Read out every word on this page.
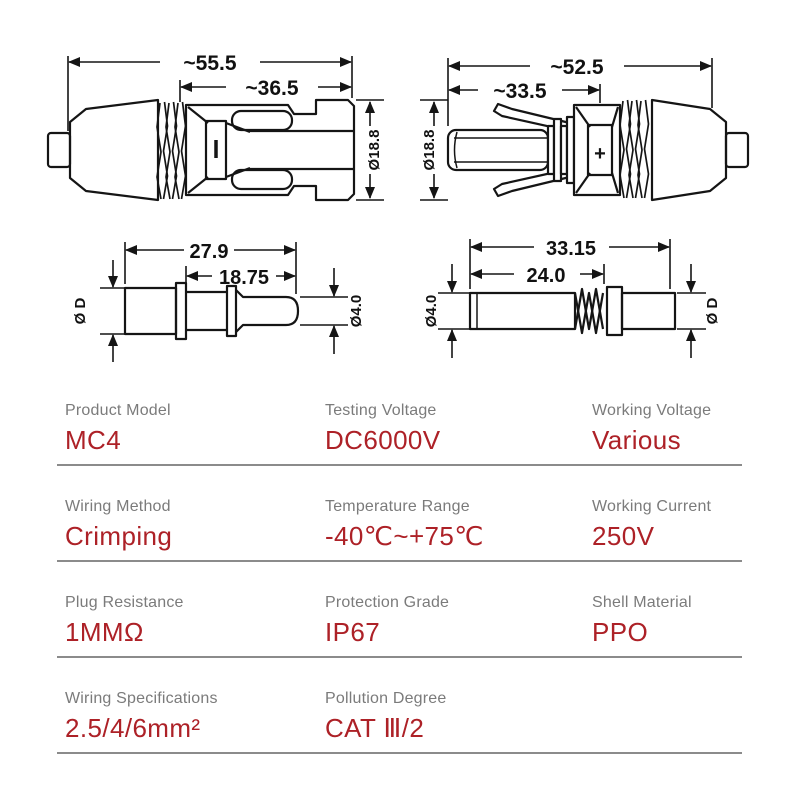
~55.5
~36.5
Ø18.8	+
~52.5
~33.5
Ø18.8
27.9
18.75
Ø D	Ø4.0
33.15
24.0
Ø4.0	Ø D
Product Model
MC4
Testing Voltage
DC6000V
Working Voltage
Various
Wiring Method
Crimping
Temperature Range
-40℃~+75℃
Working Current
250V
Plug Resistance
1MMΩ
Protection Grade
IP67
Shell Material
PPO
Wiring Specifications
2.5/4/6mm²
Pollution Degree
CAT Ⅲ/2
